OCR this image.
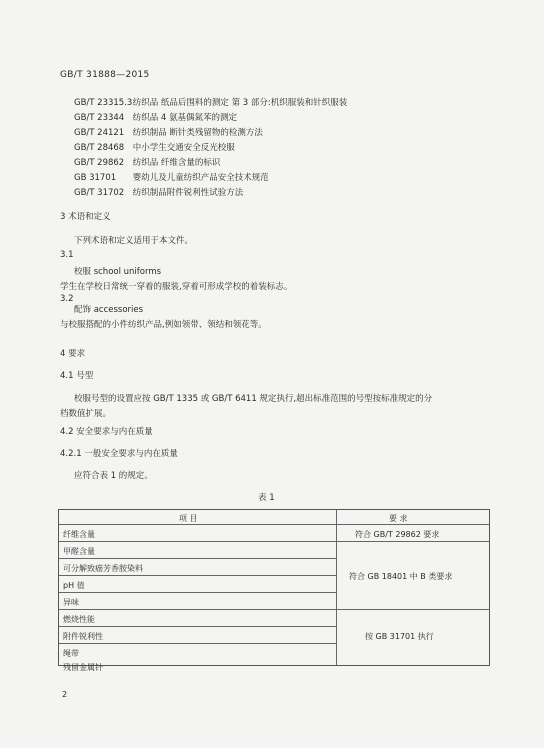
GB/T 31888—2015
GB/T 23315.3 纺织品 纸品后围料的测定 第 3 部分:机织服装和针织服装
GB/T 23344 纺织品 4 氨基偶氮苯的测定
GB/T 24121 纺织制品 断针类残留物的检测方法
GB/T 28468 中小学生交通安全反光校服
GB/T 29862 纺织品 纤维含量的标识
GB 31701 婴幼儿及儿童纺织产品安全技术规范
GB/T 31702 纺织制品附件锐利性试验方法
3 术语和定义
下列术语和定义适用于本文件。
3.1
校服 school uniforms
学生在学校日常统一穿着的服装,穿着可形成学校的着装标志。
3.2
配饰 accessories
与校服搭配的小件纺织产品,例如领带、领结和领花等。
4 要求
4.1 号型
校服号型的设置应按 GB/T 1335 或 GB/T 6411 规定执行,超出标准范围的号型按标准规定的分
档数值扩展。
4.2 安全要求与内在质量
4.2.1 一般安全要求与内在质量
应符合表 1 的规定。
表 1
项 目	要 求
纤维含量
甲醛含量
可分解致癌芳香胺染料
pH 值
异味
燃烧性能
附件锐利性
绳带
残留金属针
符合 GB/T 29862 要求
符合 GB 18401 中 B 类要求
按 GB 31701 执行
2
